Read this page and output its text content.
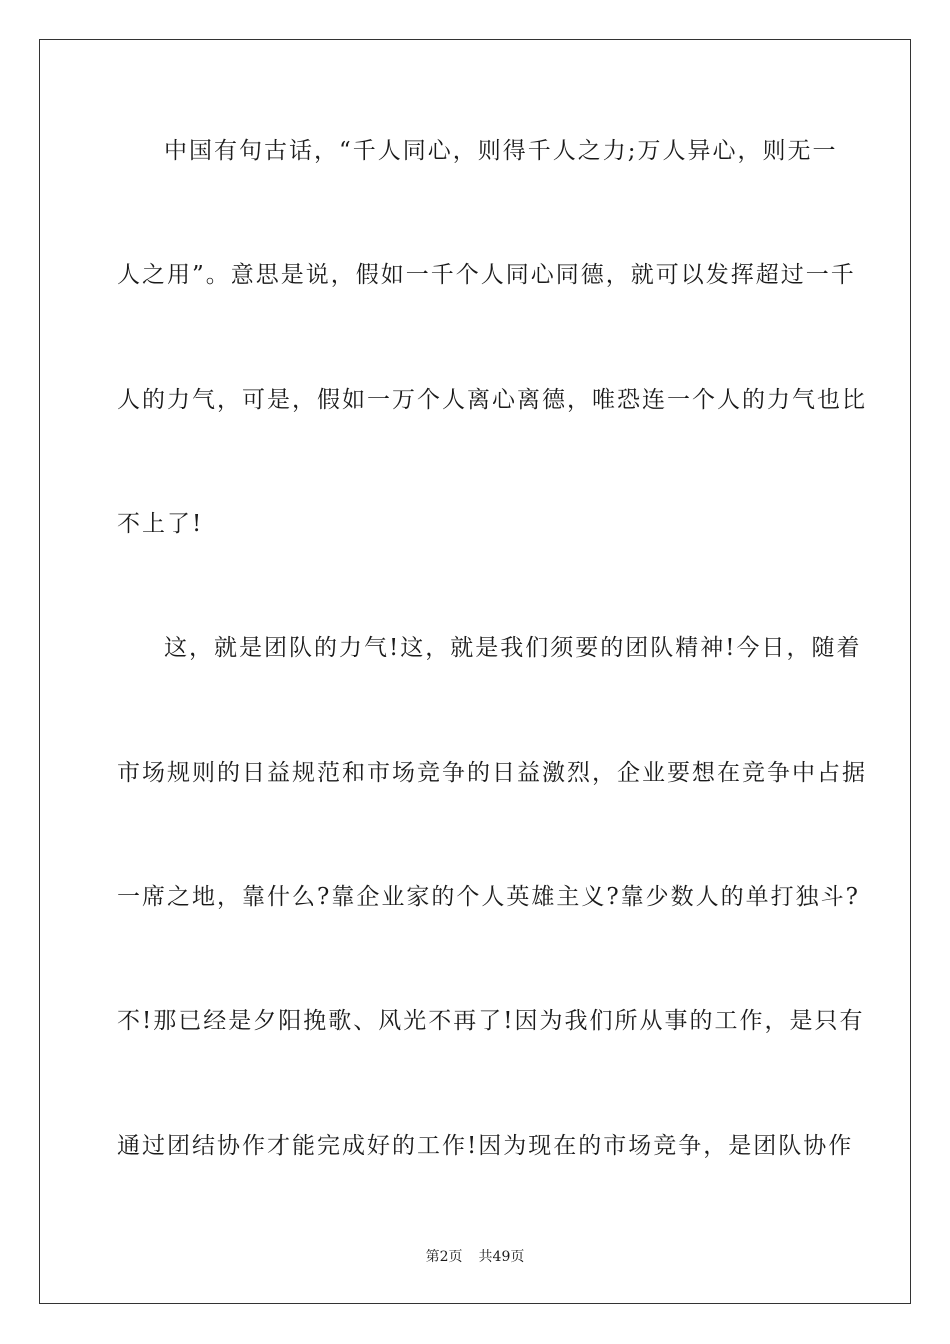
中国有句古话，“千人同心，则得千人之力;万人异心，则无一
人之用”。意思是说，假如一千个人同心同德，就可以发挥超过一千
人的力气，可是，假如一万个人离心离德，唯恐连一个人的力气也比
不上了!
这，就是团队的力气!这，就是我们须要的团队精神!今日，随着
市场规则的日益规范和市场竞争的日益激烈，企业要想在竞争中占据
一席之地，靠什么?靠企业家的个人英雄主义?靠少数人的单打独斗?
不!那已经是夕阳挽歌、风光不再了!因为我们所从事的工作，是只有
通过团结协作才能完成好的工作!因为现在的市场竞争，是团队协作
第2页 共49页
